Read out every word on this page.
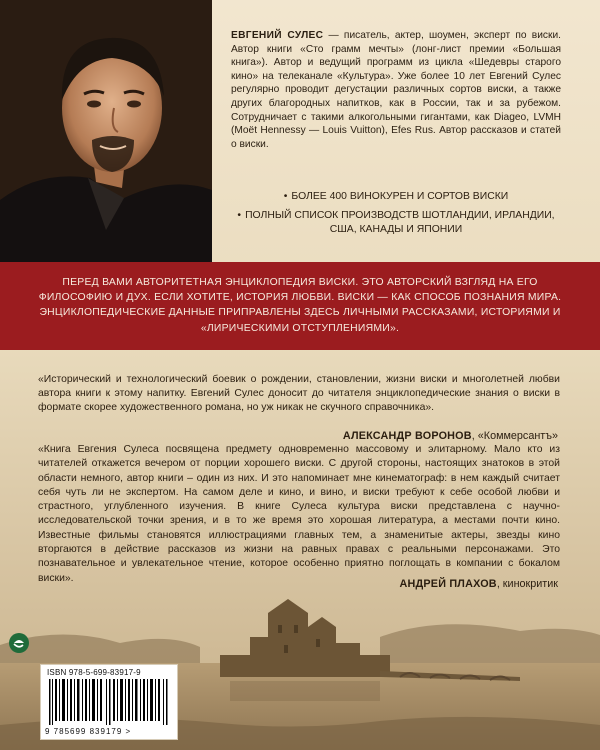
ЕВГЕНИЙ СУЛЕС — писатель, актер, шоумен, эксперт по виски. Автор книги «Сто грамм мечты» (лонг-лист премии «Большая книга»). Автор и ведущий программ из цикла «Шедевры старого кино» на телеканале «Культура». Уже более 10 лет Евгений Сулес регулярно проводит дегустации различных сортов виски, а также других благородных напитков, как в России, так и за рубежом. Сотрудничает с такими алкогольными гигантами, как Diageo, LVMH (Moët Hennessy — Louis Vuitton), Efes Rus. Автор рассказов и статей о виски.
• БОЛЕЕ 400 ВИНОКУРЕН И СОРТОВ ВИСКИ
• ПОЛНЫЙ СПИСОК ПРОИЗВОДСТВ ШОТЛАНДИИ, ИРЛАНДИИ, США, КАНАДЫ И ЯПОНИИ
ПЕРЕД ВАМИ АВТОРИТЕТНАЯ ЭНЦИКЛОПЕДИЯ ВИСКИ. ЭТО АВТОРСКИЙ ВЗГЛЯД НА ЕГО ФИЛОСОФИЮ И ДУХ. ЕСЛИ ХОТИТЕ, ИСТОРИЯ ЛЮБВИ. ВИСКИ — КАК СПОСОБ ПОЗНАНИЯ МИРА. ЭНЦИКЛОПЕДИЧЕСКИЕ ДАННЫЕ ПРИПРАВЛЕНЫ ЗДЕСЬ ЛИЧНЫМИ РАССКАЗАМИ, ИСТОРИЯМИ И «ЛИРИЧЕСКИМИ ОТСТУПЛЕНИЯМИ».
«Исторический и технологический боевик о рождении, становлении, жизни виски и многолетней любви автора книги к этому напитку. Евгений Сулес доносит до читателя энциклопедические знания о виски в формате скорее художественного романа, но уж никак не скучного справочника».
АЛЕКСАНДР ВОРОНОВ, «Коммерсантъ»
«Книга Евгения Сулеса посвящена предмету одновременно массовому и элитарному. Мало кто из читателей откажется вечером от порции хорошего виски. С другой стороны, настоящих знатоков в этой области немного, автор книги – один из них. И это напоминает мне кинематограф: в нем каждый считает себя чуть ли не экспертом. На самом деле и кино, и вино, и виски требуют к себе особой любви и страстного, углубленного изучения. В книге Сулеса культура виски представлена с научно-исследовательской точки зрения, и в то же время это хорошая литература, а местами почти кино. Известные фильмы становятся иллюстрациями главных тем, а знаменитые актеры, звезды кино вторгаются в действие рассказов из жизни на равных правах с реальными персонажами. Это познавательное и увлекательное чтение, которое особенно приятно поглощать в компании с бокалом виски».	АНДРЕЙ ПЛАХОВ, кинокритик
ISBN 978-5-699-83917-9
9 785699 839179 >
